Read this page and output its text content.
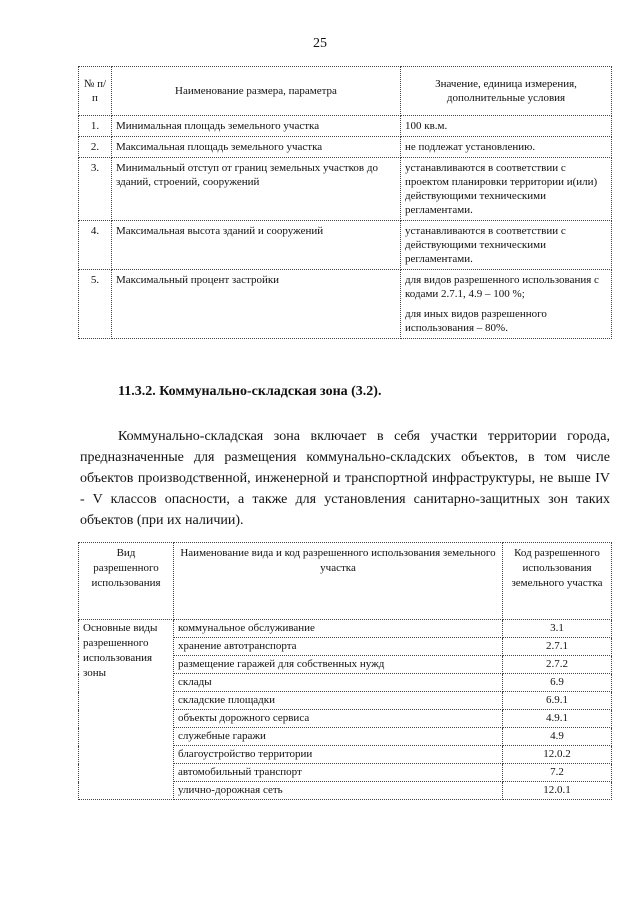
25
№ п/п	Наименование размера, параметра	Значение, единица измерения, дополнительные условия
1.	Минимальная площадь земельного участка	100 кв.м.

2.	Максимальная площадь земельного участка	не подлежат установлению.

3.	Минимальный отступ от границ земельных участков до зданий, строений, сооружений	устанавливаются в соответствии с проектом планировки территории и(или) действующими техническими регламентами.

4.	Максимальная высота зданий и сооружений	устанавливаются в соответствии с действующими техническими регламентами.

5.	Максимальный процент застройки	для видов разрешенного использования с кодами 2.7.1, 4.9 – 100 %;
для иных видов разрешенного использования – 80%.
11.3.2. Коммунально-складская зона (3.2).

Коммунально-складская зона включает в себя участки территории города, предназначенные для размещения коммунально-складских объектов, в том числе объектов производственной, инженерной и транспортной инфраструктуры, не выше IV - V классов опасности, а также для установления санитарно-защитных зон таких объектов (при их наличии).

Вид разрешенного использования	Наименование вида и код разрешенного использования земельного участка	Код разрешенного использования земельного участка
Основные виды разрешенного использования зоны	коммунальное обслуживание	3.1
	хранение автотранспорта	2.7.1
	размещение гаражей для собственных нужд	2.7.2
	склады	6.9
	складские площадки	6.9.1
	объекты дорожного сервиса	4.9.1
	служебные гаражи	4.9
	благоустройство территории	12.0.2
	автомобильный транспорт	7.2
	улично-дорожная сеть	12.0.1
